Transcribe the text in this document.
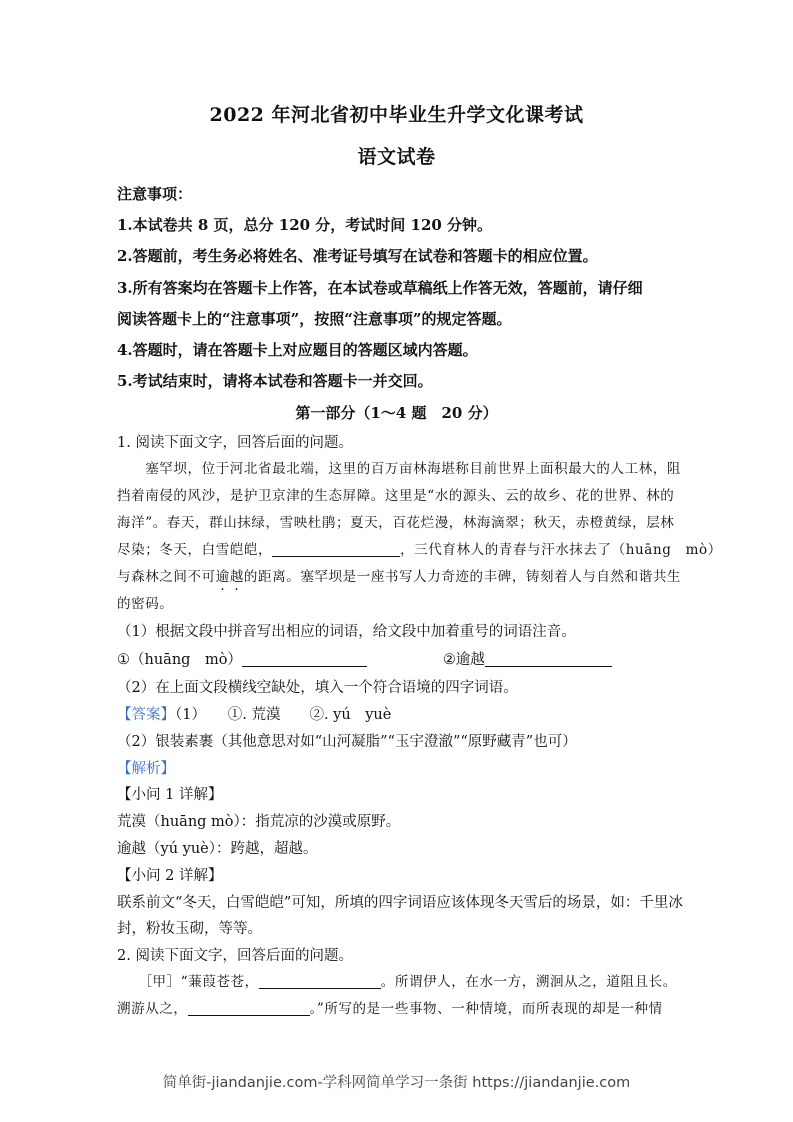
2022 年河北省初中毕业生升学文化课考试
语文试卷
注意事项：
1.本试卷共 8 页，总分 120 分，考试时间 120 分钟。
2.答题前，考生务必将姓名、准考证号填写在试卷和答题卡的相应位置。
3.所有答案均在答题卡上作答，在本试卷或草稿纸上作答无效，答题前，请仔细
阅读答题卡上的“注意事项”，按照“注意事项”的规定答题。
4.答题时，请在答题卡上对应题目的答题区域内答题。
5.考试结束时，请将本试卷和答题卡一并交回。
第一部分（1～4 题　20 分）
1. 阅读下面文字，回答后面的问题。
　　塞罕坝，位于河北省最北端，这里的百万亩林海堪称目前世界上面积最大的人工林，阻
挡着南侵的风沙，是护卫京津的生态屏障。这里是“水的源头、云的故乡、花的世界、林的
海洋”。春天，群山抹绿，雪映杜鹃；夏天，百花烂漫，林海滴翠；秋天，赤橙黄绿，层林
尽染；冬天，白雪皑皑，	，三代育林人的青春与汗水抹去了（huāng　mò）
与森林之间不可逾越的距离。塞罕坝是一座书写人力奇迹的丰碑，铸刻着人与自然和谐共生
的密码。
（1）根据文段中拼音写出相应的词语，给文段中加着重号的词语注音。
①（huāng　mò）	②逾越
（2）在上面文段横线空缺处，填入一个符合语境的四字词语。
【答案】（1）　　①. 荒漠　　②. yú　yuè
（2）银装素裹（其他意思对如“山河凝脂”“玉宇澄澈”“原野藏青”也可）
【解析】
【小问 1 详解】
荒漠（huāng mò）：指荒凉的沙漠或原野。
逾越（yú yuè）：跨越，超越。
【小问 2 详解】
联系前文“冬天，白雪皑皑”可知，所填的四字词语应该体现冬天雪后的场景，如：千里冰
封，粉妆玉砌，等等。
2. 阅读下面文字，回答后面的问题。
　　［甲］“蒹葭苍苍，	。所谓伊人，在水一方，溯洄从之，道阻且长。
溯游从之，	。”所写的是一些事物、一种情境，而所表现的却是一种情
简单街-jiandanjie.com-学科网简单学习一条街 https://jiandanjie.com
